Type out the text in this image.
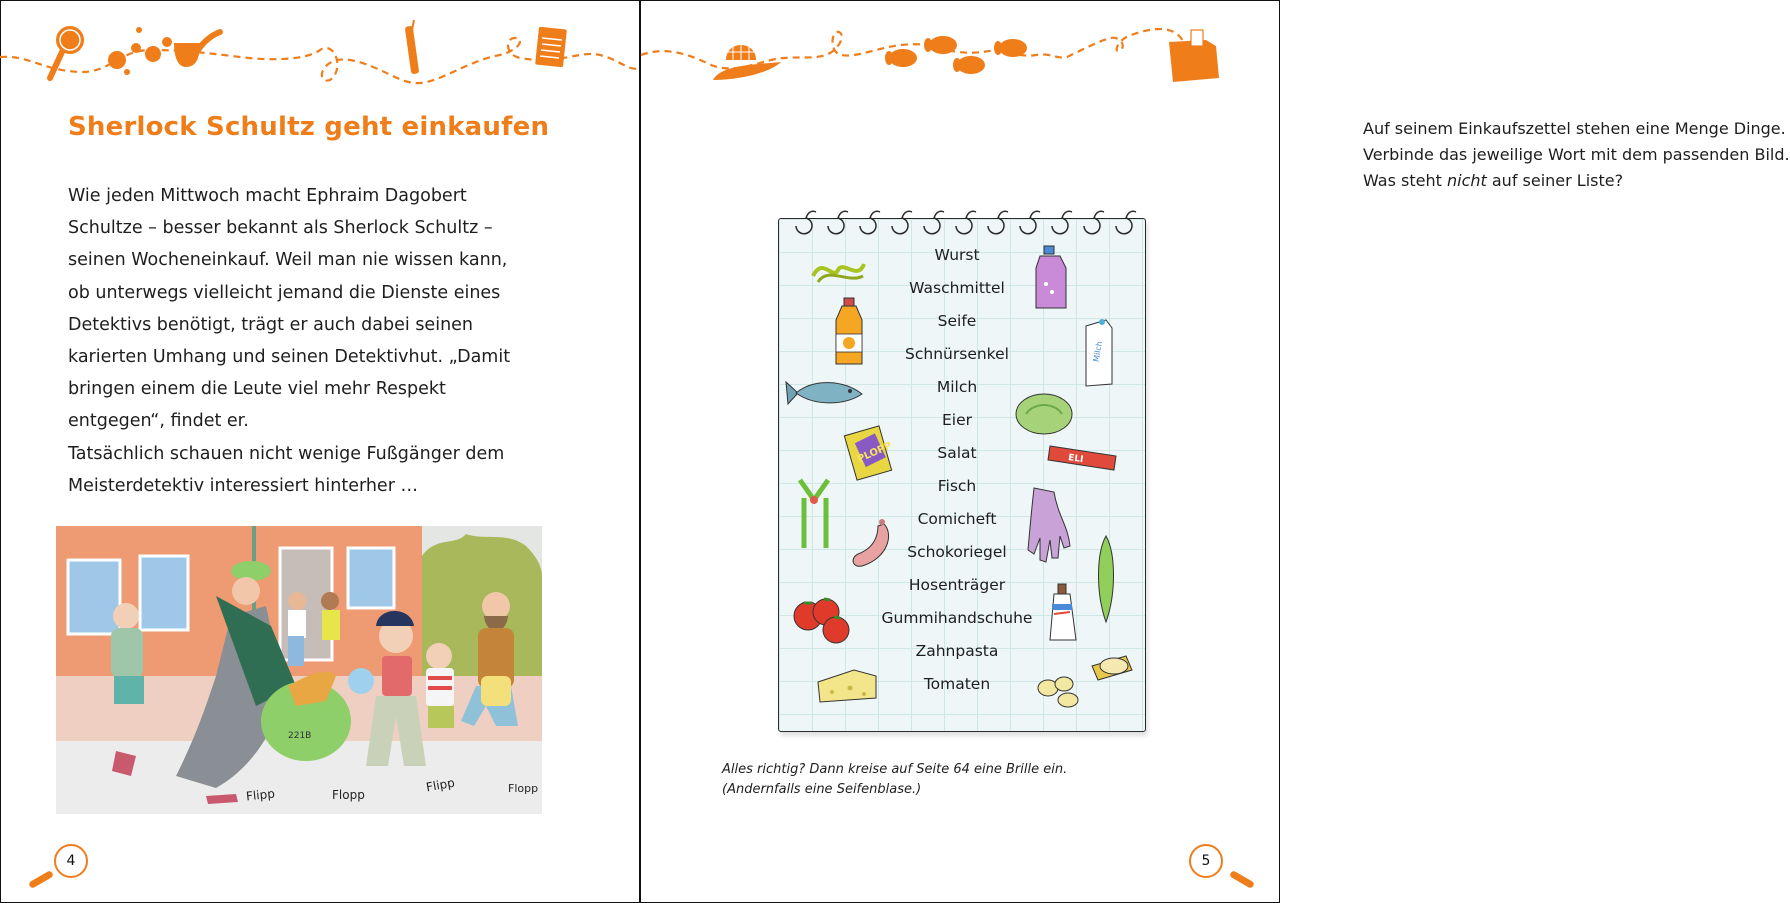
Sherlock Schultz geht einkaufen
Wie jeden Mittwoch macht Ephraim Dagobert
Schultze – besser bekannt als Sherlock Schultz –
seinen Wocheneinkauf. Weil man nie wissen kann,
ob unterwegs vielleicht jemand die Dienste eines
Detektivs benötigt, trägt er auch dabei seinen
karierten Umhang und seinen Detektivhut. „Damit
bringen einem die Leute viel mehr Respekt
entgegen“, findet er.
Tatsächlich schauen nicht wenige Fußgänger dem
Meisterdetektiv interessiert hinterher …
221B
Flipp	Flopp
Flipp	Flopp
4
Auf seinem Einkaufszettel stehen eine Menge Dinge.
Verbinde das jeweilige Wort mit dem passenden Bild.
Was steht nicht auf seiner Liste?
Wurst
Waschmittel
Seife
Schnürsenkel
Milch
Eier
Salat
Fisch
Comicheft
Schokoriegel
Hosenträger
Gummihandschuhe
Zahnpasta
Tomaten
PLOPP
Milch
ELI
Alles richtig? Dann kreise auf Seite 64 eine Brille ein.
(Andernfalls eine Seifenblase.)
5
